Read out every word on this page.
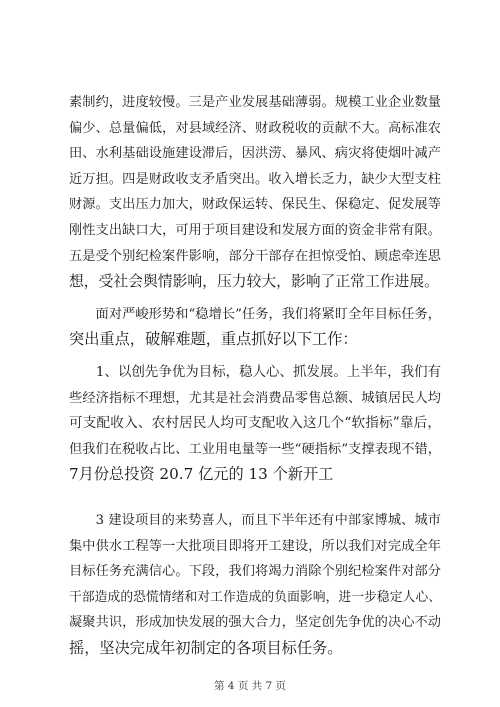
素制约，进度较慢。三是产业发展基础薄弱。规模工业企业数量
偏少、总量偏低，对县域经济、财政税收的贡献不大。高标准农
田、水利基础设施建设滞后，因洪涝、暴风、病灾将使烟叶减产
近万担。四是财政收支矛盾突出。收入增长乏力，缺少大型支柱
财源。支出压力加大，财政保运转、保民生、保稳定、促发展等
刚性支出缺口大，可用于项目建设和发展方面的资金非常有限。
五是受个别纪检案件影响，部分干部存在担惊受怕、顾虑牵连思
想，受社会舆情影响，压力较大，影响了正常工作进展。
　　面对严峻形势和“稳增长”任务，我们将紧盯全年目标任务，
突出重点，破解难题，重点抓好以下工作：
　　1、以创先争优为目标，稳人心、抓发展。上半年，我们有
些经济指标不理想，尤其是社会消费品零售总额、城镇居民人均
可支配收入、农村居民人均可支配收入这几个“软指标”靠后，
但我们在税收占比、工业用电量等一些“硬指标”支撑表现不错，
7月份总投资 20.7 亿元的 13 个新开工
　　3 建设项目的来势喜人，而且下半年还有中部家博城、城市
集中供水工程等一大批项目即将开工建设，所以我们对完成全年
目标任务充满信心。下段，我们将竭力消除个别纪检案件对部分
干部造成的恐慌情绪和对工作造成的负面影响，进一步稳定人心、
凝聚共识，形成加快发展的强大合力，坚定创先争优的决心不动
摇，坚决完成年初制定的各项目标任务。
第 4 页 共 7 页
